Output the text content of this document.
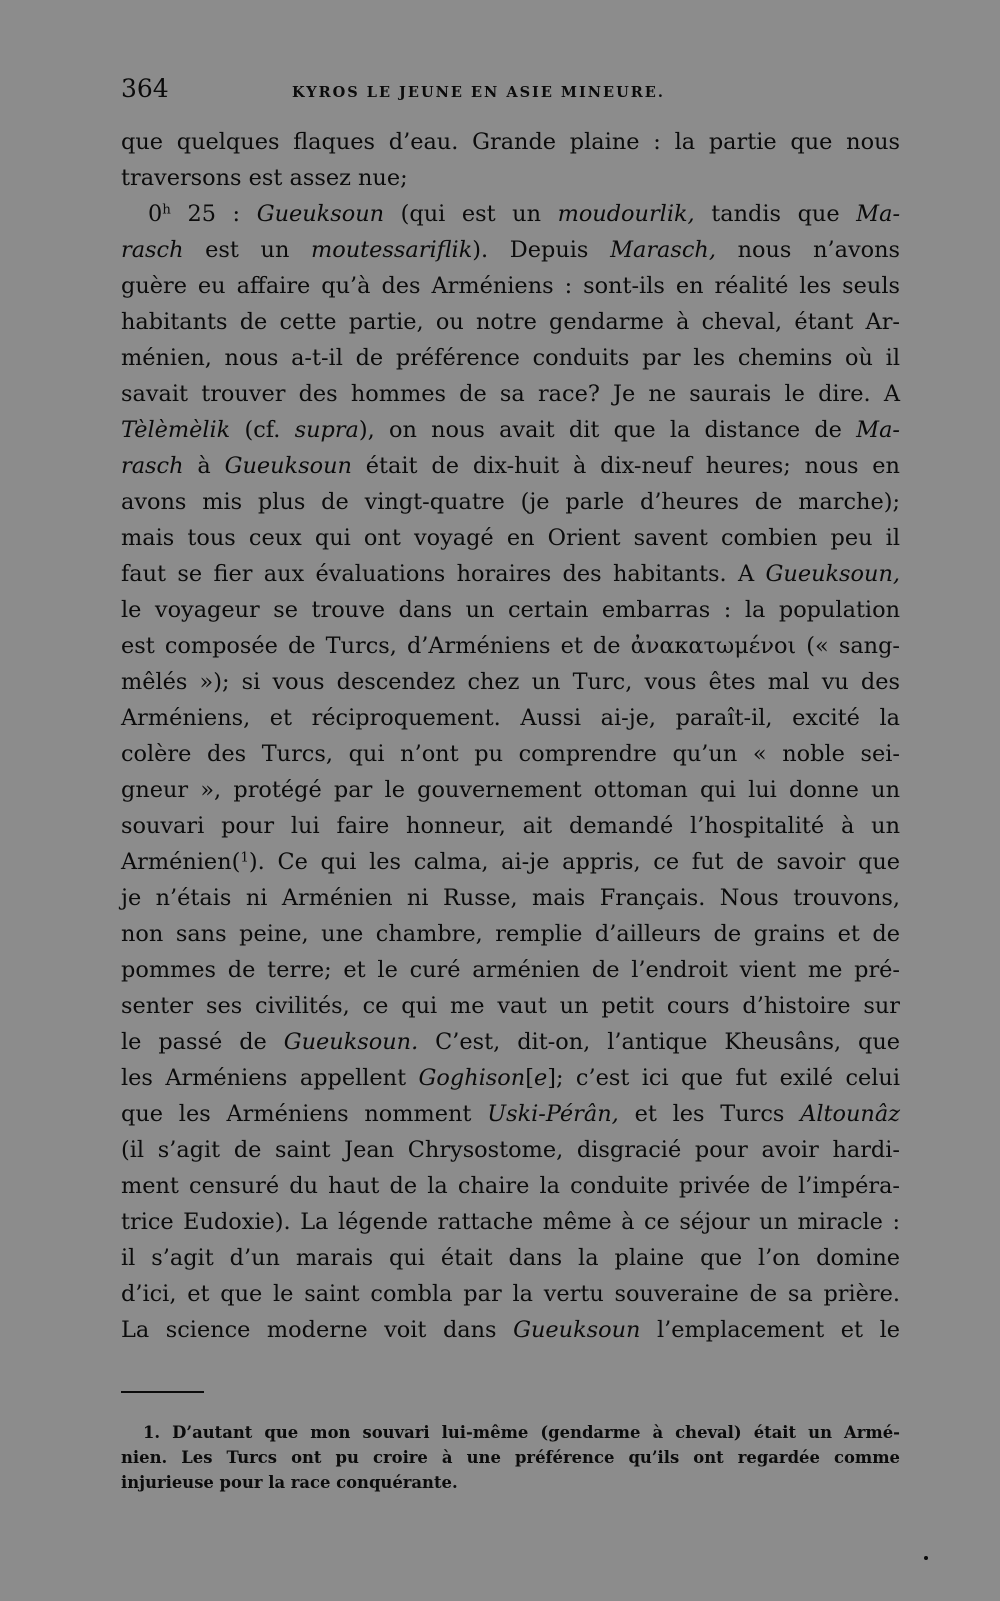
364	KYROS LE JEUNE EN ASIE MINEURE.
que quelques flaques d’eau. Grande plaine : la partie que nous
traversons est assez nue;
0$^h$ 25 : Gueuksoun (qui est un moudourlik, tandis que Ma-
rasch est un moutessariflik). Depuis Marasch, nous n’avons
guère eu affaire qu’à des Arméniens : sont-ils en réalité les seuls
habitants de cette partie, ou notre gendarme à cheval, étant Ar-
ménien, nous a-t-il de préférence conduits par les chemins où il
savait trouver des hommes de sa race? Je ne saurais le dire. A
Tèlèmèlik (cf. supra), on nous avait dit que la distance de Ma-
rasch à Gueuksoun était de dix-huit à dix-neuf heures; nous en
avons mis plus de vingt-quatre (je parle d’heures de marche);
mais tous ceux qui ont voyagé en Orient savent combien peu il
faut se fier aux évaluations horaires des habitants. A Gueuksoun,
le voyageur se trouve dans un certain embarras : la population
est composée de Turcs, d’Arméniens et de ἀνακατωμένοι (« sang-
mêlés »); si vous descendez chez un Turc, vous êtes mal vu des
Arméniens, et réciproquement. Aussi ai-je, paraît-il, excité la
colère des Turcs, qui n’ont pu comprendre qu’un « noble sei-
gneur », protégé par le gouvernement ottoman qui lui donne un
souvari pour lui faire honneur, ait demandé l’hospitalité à un
Arménien($^1$). Ce qui les calma, ai-je appris, ce fut de savoir que
je n’étais ni Arménien ni Russe, mais Français. Nous trouvons,
non sans peine, une chambre, remplie d’ailleurs de grains et de
pommes de terre; et le curé arménien de l’endroit vient me pré-
senter ses civilités, ce qui me vaut un petit cours d’histoire sur
le passé de Gueuksoun. C’est, dit-on, l’antique Kheusâns, que
les Arméniens appellent Goghison[e]; c’est ici que fut exilé celui
que les Arméniens nomment Uski-Pérân, et les Turcs Altounâz
(il s’agit de saint Jean Chrysostome, disgracié pour avoir hardi-
ment censuré du haut de la chaire la conduite privée de l’impéra-
trice Eudoxie). La légende rattache même à ce séjour un miracle :
il s’agit d’un marais qui était dans la plaine que l’on domine
d’ici, et que le saint combla par la vertu souveraine de sa prière.
La science moderne voit dans Gueuksoun l’emplacement et le
1. D’autant que mon souvari lui-même (gendarme à cheval) était un Armé-
nien. Les Turcs ont pu croire à une préférence qu’ils ont regardée comme
injurieuse pour la race conquérante.
